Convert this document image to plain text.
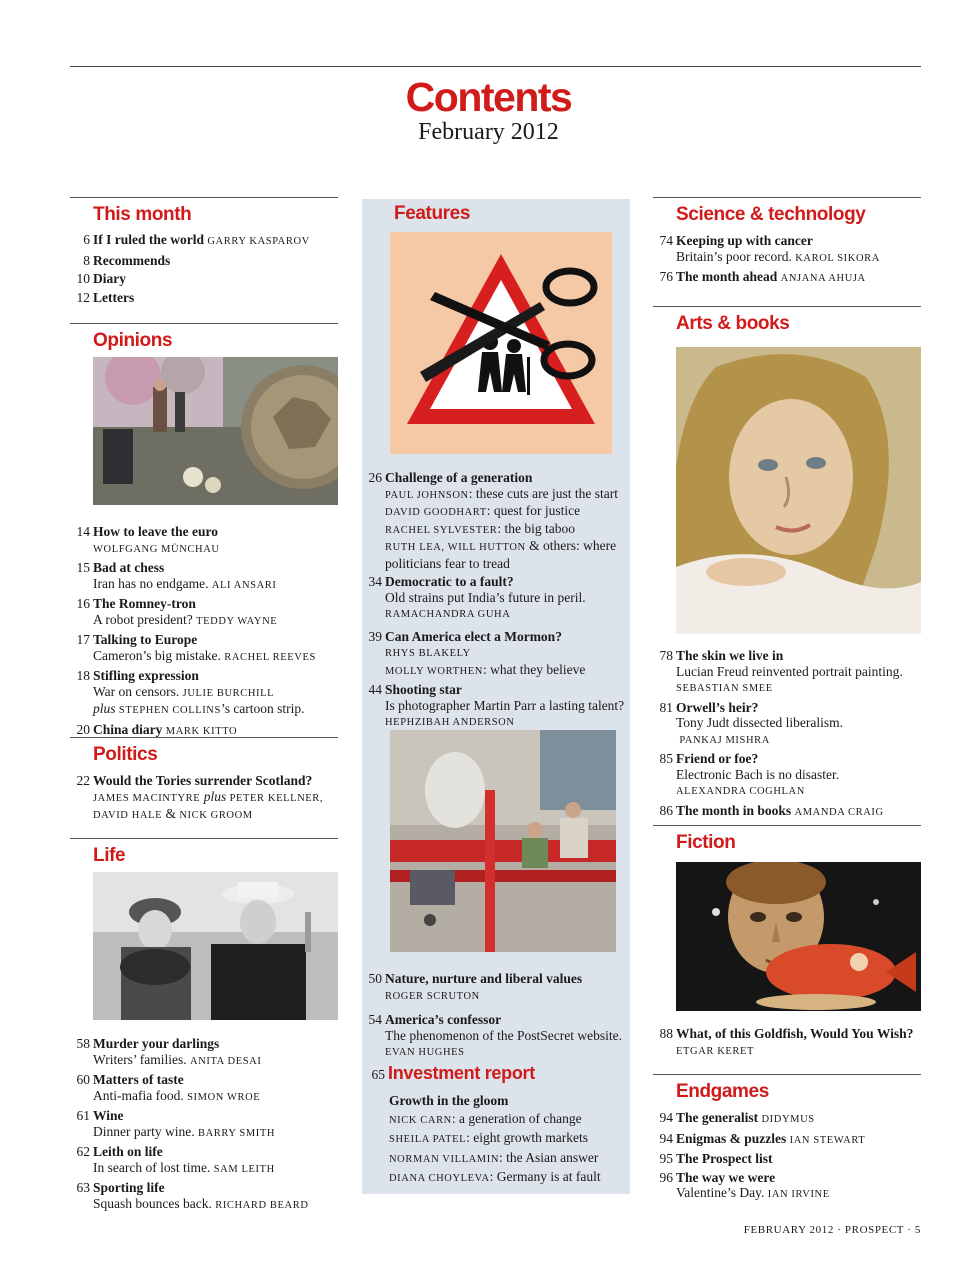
Contents
February 2012
This month
6 If I ruled the world GARRY KASPAROV
8 Recommends
10 Diary
12 Letters
Opinions
14 How to leave the euro
WOLFGANG MÜNCHAU
15 Bad at chess
Iran has no endgame. ALI ANSARI
16 The Romney-tron
A robot president? TEDDY WAYNE
17 Talking to Europe
Cameron’s big mistake. RACHEL REEVES
18 Stifling expression
War on censors. JULIE BURCHILL
plus STEPHEN COLLINS’s cartoon strip.
20 China diary MARK KITTO
Politics
22 Would the Tories surrender Scotland?
JAMES MACINTYRE plus PETER KELLNER, DAVID HALE & NICK GROOM
Life
58 Murder your darlings
Writers’ families. ANITA DESAI
60 Matters of taste
Anti-mafia food. SIMON WROE
61 Wine
Dinner party wine. BARRY SMITH
62 Leith on life
In search of lost time. SAM LEITH
63 Sporting life
Squash bounces back. RICHARD BEARD
Features
26 Challenge of a generation
PAUL JOHNSON: these cuts are just the start
DAVID GOODHART: quest for justice
RACHEL SYLVESTER: the big taboo
RUTH LEA, WILL HUTTON & others: where politicians fear to tread
34 Democratic to a fault?
Old strains put India’s future in peril.
RAMACHANDRA GUHA
39 Can America elect a Mormon?
RHYS BLAKELY
MOLLY WORTHEN: what they believe
44 Shooting star
Is photographer Martin Parr a lasting talent? HEPHZIBAH ANDERSON
50 Nature, nurture and liberal values
ROGER SCRUTON
54 America’s confessor
The phenomenon of the PostSecret website. EVAN HUGHES
65 Investment report
Growth in the gloom
NICK CARN: a generation of change
SHEILA PATEL: eight growth markets
NORMAN VILLAMIN: the Asian answer
DIANA CHOYLEVA: Germany is at fault
Science & technology
74 Keeping up with cancer
Britain’s poor record. KAROL SIKORA
76 The month ahead ANJANA AHUJA
Arts & books
78 The skin we live in
Lucian Freud reinvented portrait painting. SEBASTIAN SMEE
81 Orwell’s heir?
Tony Judt dissected liberalism.
PANKAJ MISHRA
85 Friend or foe?
Electronic Bach is no disaster.
ALEXANDRA COGHLAN
86 The month in books AMANDA CRAIG
Fiction
88 What, of this Goldfish, Would You Wish? ETGAR KERET
Endgames
94 The generalist DIDYMUS
94 Enigmas & puzzles IAN STEWART
95 The Prospect list
96 The way we were
Valentine’s Day. IAN IRVINE
FEBRUARY 2012 · PROSPECT · 5
